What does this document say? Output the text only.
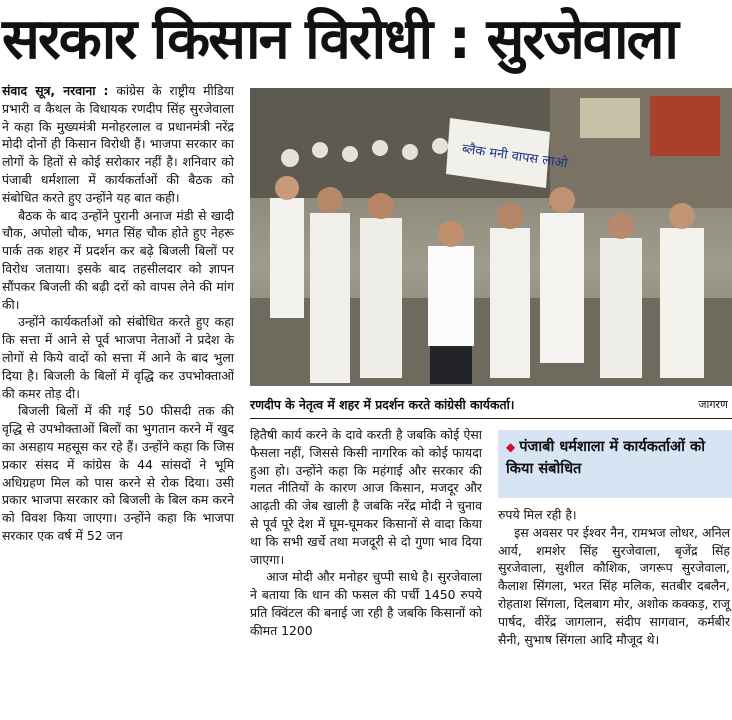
सरकार किसान विरोधी : सुरजेवाला

संवाद सूत्र, नरवाना : कांग्रेस के राष्ट्रीय मीडिया प्रभारी व कैथल के विधायक रणदीप सिंह सुरजेवाला ने कहा कि मुख्यमंत्री मनोहरलाल व प्रधानमंत्री नरेंद्र मोदी दोनों ही किसान विरोधी हैं। भाजपा सरकार का लोगों के हितों से कोई सरोकार नहीं है। शनिवार को पंजाबी धर्मशाला में कार्यकर्ताओं की बैठक को संबोधित करते हुए उन्होंने यह बात कही।

बैठक के बाद उन्होंने पुरानी अनाज मंडी से खादी चौक, अपोलो चौक, भगत सिंह चौक होते हुए नेहरू पार्क तक शहर में प्रदर्शन कर बढ़े बिजली बिलों पर विरोध जताया। इसके बाद तहसीलदार को ज्ञापन सौंपकर बिजली की बढ़ी दरों को वापस लेने की मांग की।

उन्होंने कार्यकर्ताओं को संबोधित करते हुए कहा कि सत्ता में आने से पूर्व भाजपा नेताओं ने प्रदेश के लोगों से किये वादों को सत्ता में आने के बाद भुला दिया है। बिजली के बिलों में वृद्धि कर उपभोक्ताओं की कमर तोड़ दी।

बिजली बिलों में की गई 50 फीसदी तक की वृद्धि से उपभोक्ताओं बिलों का भुगतान करने में खुद का असहाय महसूस कर रहे हैं। उन्होंने कहा कि जिस प्रकार संसद में कांग्रेस के 44 सांसदों ने भूमि अधिग्रहण मिल को पास करने से रोक दिया। उसी प्रकार भाजपा सरकार को बिजली के बिल कम करने को विवश किया जाएगा। उन्होंने कहा कि भाजपा सरकार एक वर्ष में 52 जन

ब्लैक मनी वापस लाओ
रणदीप के नेतृत्व में शहर में प्रदर्शन करते कांग्रेसी कार्यकर्ता।	जागरण

हितैषी कार्य करने के दावे करती है जबकि कोई ऐसा फैसला नहीं, जिससे किसी नागरिक को कोई फायदा हुआ हो। उन्होंने कहा कि महंगाई और सरकार की गलत नीतियों के कारण आज किसान, मजदूर और आढ़ती की जेब खाली है जबकि नरेंद्र मोदी ने चुनाव से पूर्व पूरे देश में घूम-घूमकर किसानों से वादा किया था कि सभी खर्चे तथा मजदूरी से दो गुणा भाव दिया जाएगा।

आज मोदी और मनोहर चुप्पी साधे है। सुरजेवाला ने बताया कि धान की फसल की पर्ची 1450 रुपये प्रति क्विंटल की बनाई जा रही है जबकि किसानों को कीमत 1200

◆ पंजाबी धर्मशाला में कार्यकर्ताओं को किया संबोधित

रुपये मिल रही है।

इस अवसर पर ईश्वर नैन, रामभज लोधर, अनिल आर्य, शमशेर सिंह सुरजेवाला, बृजेंद्र सिंह सुरजेवाला, सुशील कौशिक, जगरूप सुरजेवाला, कैलाश सिंगला, भरत सिंह मलिक, सतबीर दबलैन, रोहताश सिंगला, दिलबाग मोर, अशोक कक्कड़, राजू पार्षद, वीरेंद्र जागलान, संदीप सागवान, कर्मबीर सैनी, सुभाष सिंगला आदि मौजूद थे।
